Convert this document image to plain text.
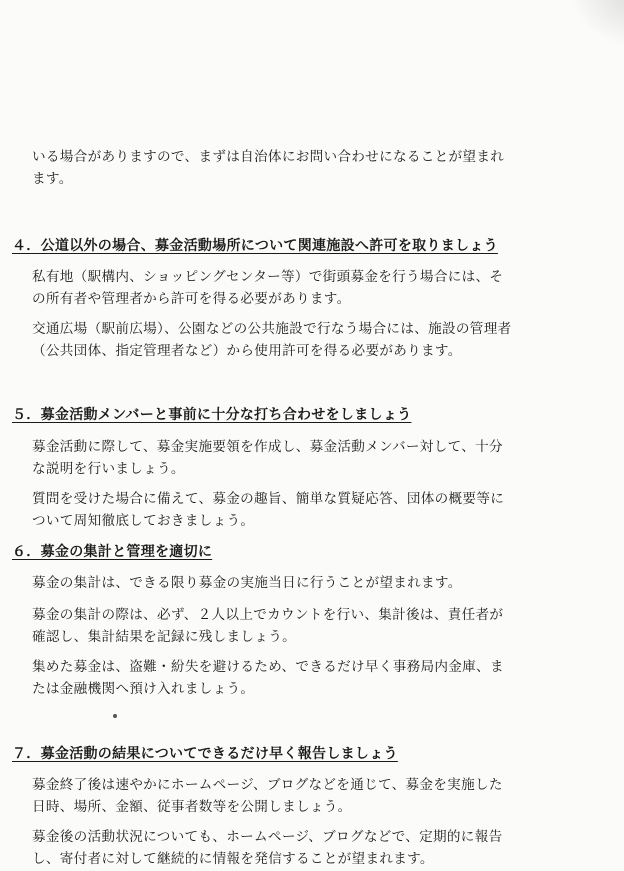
いる場合がありますので、まずは自治体にお問い合わせになることが望まれ
ます。
４．公道以外の場合、募金活動場所について関連施設へ許可を取りましょう
私有地（駅構内、ショッピングセンター等）で街頭募金を行う場合には、そ
の所有者や管理者から許可を得る必要があります。
交通広場（駅前広場）、公園などの公共施設で行なう場合には、施設の管理者
（公共団体、指定管理者など）から使用許可を得る必要があります。
５．募金活動メンバーと事前に十分な打ち合わせをしましょう
募金活動に際して、募金実施要領を作成し、募金活動メンバー対して、十分
な説明を行いましょう。
質問を受けた場合に備えて、募金の趣旨、簡単な質疑応答、団体の概要等に
ついて周知徹底しておきましょう。
６．募金の集計と管理を適切に
募金の集計は、できる限り募金の実施当日に行うことが望まれます。
募金の集計の際は、必ず、２人以上でカウントを行い、集計後は、責任者が
確認し、集計結果を記録に残しましょう。
集めた募金は、盗難・紛失を避けるため、できるだけ早く事務局内金庫、ま
たは金融機関へ預け入れましょう。
７．募金活動の結果についてできるだけ早く報告しましょう
募金終了後は速やかにホームページ、ブログなどを通じて、募金を実施した
日時、場所、金額、従事者数等を公開しましょう。
募金後の活動状況についても、ホームページ、ブログなどで、定期的に報告
し、寄付者に対して継続的に情報を発信することが望まれます。
